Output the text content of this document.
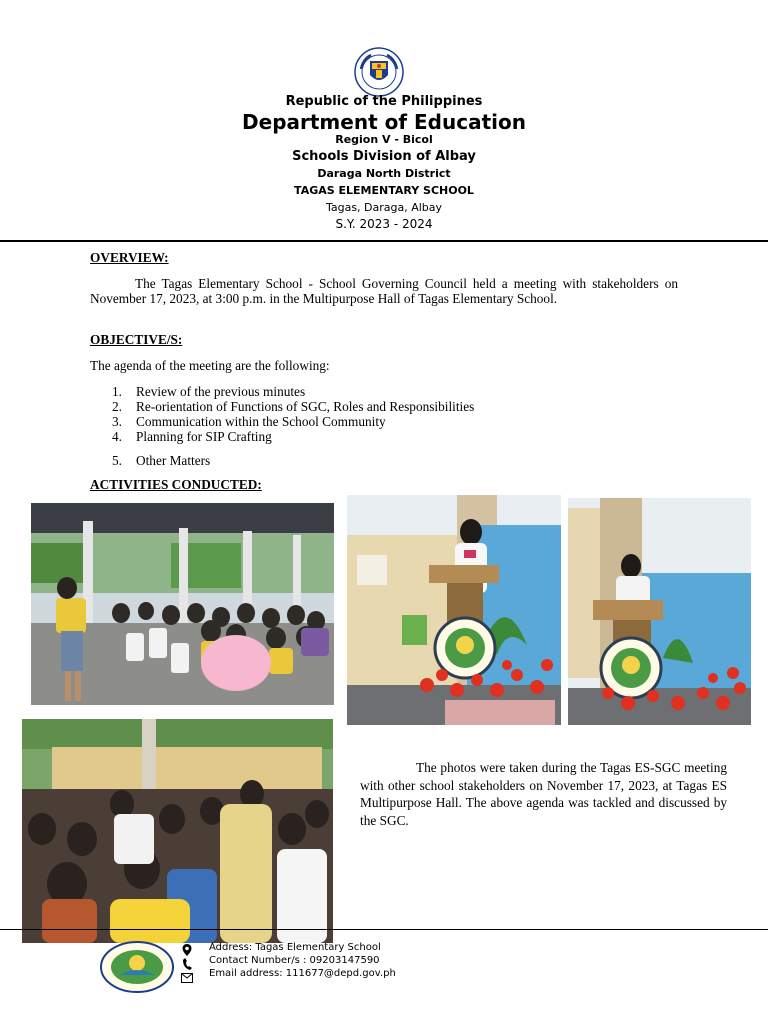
Republic of the Philippines
Department of Education
Region V - Bicol
Schools Division of Albay
Daraga North District
TAGAS ELEMENTARY SCHOOL
Tagas, Daraga, Albay
S.Y. 2023 - 2024
OVERVIEW:
The Tagas Elementary School - School Governing Council held a meeting with stakeholders on November 17, 2023, at 3:00 p.m. in the Multipurpose Hall of Tagas Elementary School.
OBJECTIVE/S:
The agenda of the meeting are the following:
1. Review of the previous minutes
2. Re-orientation of Functions of SGC, Roles and Responsibilities
3. Communication within the School Community
4. Planning for SIP Crafting
5. Other Matters
ACTIVITIES CONDUCTED:
The photos were taken during the Tagas ES-SGC meeting with other school stakeholders on November 17, 2023, at Tagas ES Multipurpose Hall. The above agenda was tackled and discussed by the SGC.
Address: Tagas Elementary School
Contact Number/s : 09203147590
Email address: 111677@depd.gov.ph
